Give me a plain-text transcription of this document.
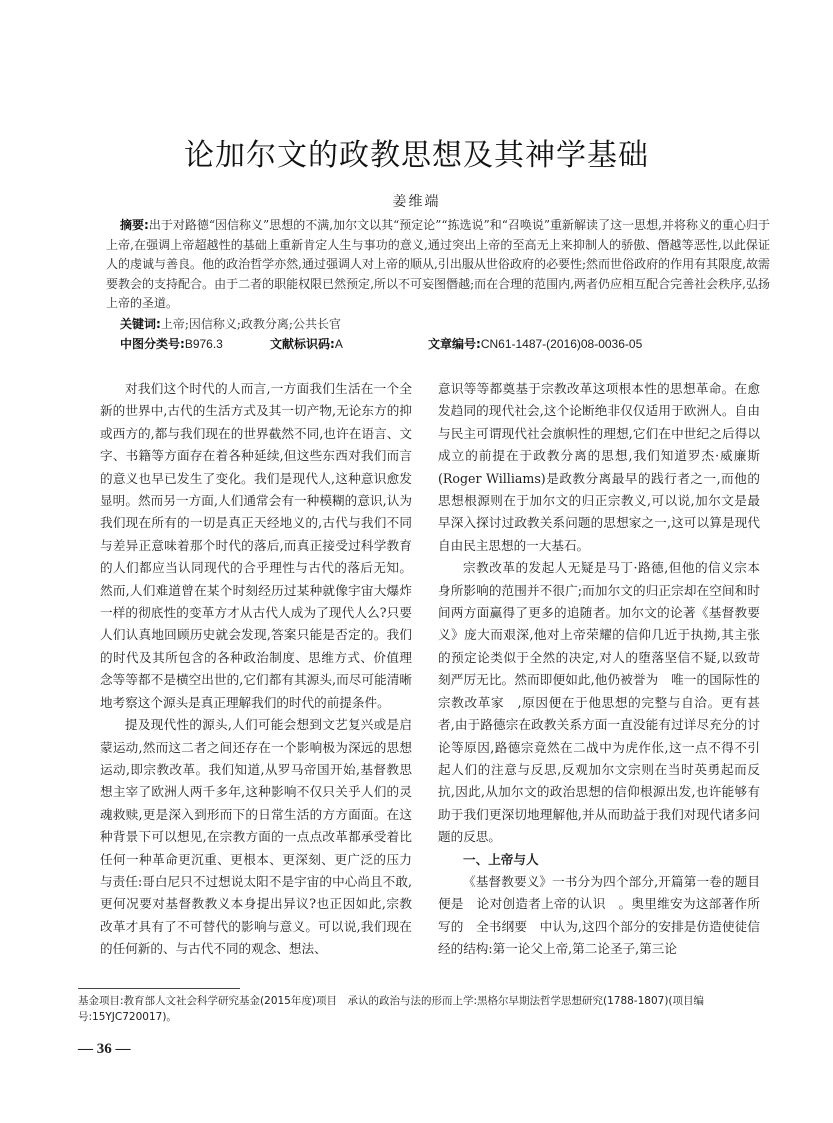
论加尔文的政教思想及其神学基础
姜维端

摘要:出于对路德“因信称义”思想的不满,加尔文以其“预定论”“拣选说”和“召唤说”重新解读了这一思想,并将称义的重心归于上帝,在强调上帝超越性的基础上重新肯定人生与事功的意义,通过突出上帝的至高无上来抑制人的骄傲、僭越等恶性,以此保证人的虔诚与善良。他的政治哲学亦然,通过强调人对上帝的顺从,引出服从世俗政府的必要性;然而世俗政府的作用有其限度,故需要教会的支持配合。由于二者的职能权限已然预定,所以不可妄图僭越;而在合理的范围内,两者仍应相互配合完善社会秩序,弘扬上帝的圣道。

关键词:上帝;因信称义;政教分离;公共长官
中图分类号:B976.3	文献标识码:A	文章编号:CN61-1487-(2016)08-0036-05

对我们这个时代的人而言,一方面我们生活在一个全新的世界中,古代的生活方式及其一切产物,无论东方的抑或西方的,都与我们现在的世界截然不同,也许在语言、文字、书籍等方面存在着各种延续,但这些东西对我们而言的意义也早已发生了变化。我们是现代人,这种意识愈发显明。然而另一方面,人们通常会有一种模糊的意识,认为我们现在所有的一切是真正天经地义的,古代与我们不同与差异正意味着那个时代的落后,而真正接受过科学教育的人们都应当认同现代的合乎理性与古代的落后无知。然而,人们难道曾在某个时刻经历过某种就像宇宙大爆炸一样的彻底性的变革方才从古代人成为了现代人么?只要人们认真地回顾历史就会发现,答案只能是否定的。我们的时代及其所包含的各种政治制度、思维方式、价值理念等等都不是横空出世的,它们都有其源头,而尽可能清晰地考察这个源头是真正理解我们的时代的前提条件。

提及现代性的源头,人们可能会想到文艺复兴或是启蒙运动,然而这二者之间还存在一个影响极为深远的思想运动,即宗教改革。我们知道,从罗马帝国开始,基督教思想主宰了欧洲人两千多年,这种影响不仅只关乎人们的灵魂救赎,更是深入到形而下的日常生活的方方面面。在这种背景下可以想见,在宗教方面的一点点改革都承受着比任何一种革命更沉重、更根本、更深刻、更广泛的压力与责任:哥白尼只不过想说太阳不是宇宙的中心尚且不敢,更何况要对基督教教义本身提出异议?也正因如此,宗教改革才具有了不可替代的影响与意义。可以说,我们现在的任何新的、与古代不同的观念、想法、

意识等等都奠基于宗教改革这项根本性的思想革命。在愈发趋同的现代社会,这个论断绝非仅仅适用于欧洲人。自由与民主可谓现代社会旗帜性的理想,它们在中世纪之后得以成立的前提在于政教分离的思想,我们知道罗杰·威廉斯(Roger Williams)是政教分离最早的践行者之一,而他的思想根源则在于加尔文的归正宗教义,可以说,加尔文是最早深入探讨过政教关系问题的思想家之一,这可以算是现代自由民主思想的一大基石。

宗教改革的发起人无疑是马丁·路德,但他的信义宗本身所影响的范围并不很广;而加尔文的归正宗却在空间和时间两方面赢得了更多的追随者。加尔文的论著《基督教要义》庞大而艰深,他对上帝荣耀的信仰几近于执拗,其主张的预定论类似于全然的决定,对人的堕落坚信不疑,以致苛刻严厉无比。然而即便如此,他仍被誉为　唯一的国际性的宗教改革家　,原因便在于他思想的完整与自洽。更有甚者,由于路德宗在政教关系方面一直没能有过详尽充分的讨论等原因,路德宗竟然在二战中为虎作伥,这一点不得不引起人们的注意与反思,反观加尔文宗则在当时英勇起而反抗,因此,从加尔文的政治思想的信仰根源出发,也许能够有助于我们更深切地理解他,并从而助益于我们对现代诸多问题的反思。

一、上帝与人

《基督教要义》一书分为四个部分,开篇第一卷的题目便是　论对创造者上帝的认识　。奥里维安为这部著作所写的　全书纲要　中认为,这四个部分的安排是仿造使徒信经的结构:第一论父上帝,第二论圣子,第三论

基金项目:教育部人文社会科学研究基金(2015年度)项目　承认的政治与法的形而上学:黑格尔早期法哲学思想研究(1788-1807)(项目编号:15YJC720017)。
— 36 —
